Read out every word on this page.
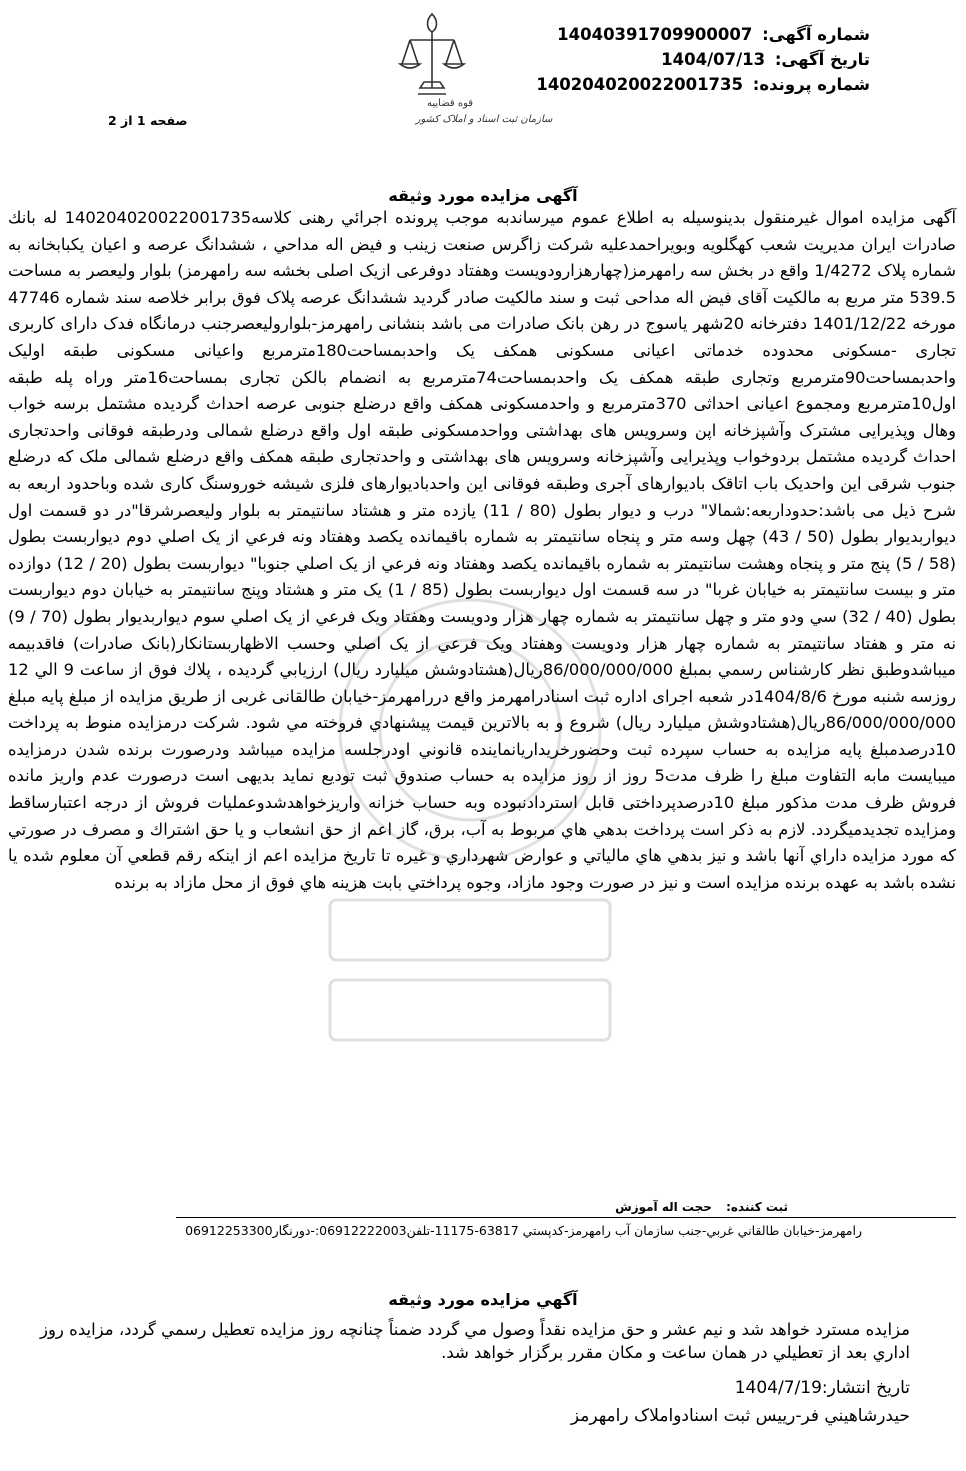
شماره آگهی: 14040391709900007
تاریخ آگهی: 1404/07/13
شماره پرونده: 140204020022001735
قوه قضاییه
سازمان ثبت اسناد و املاک کشور
صفحه 1 از 2
آگهی مزایده مورد وثیقه

آگهی مزایده اموال غیرمنقول بدینوسیله به اطلاع عموم میرساندبه موجب پرونده اجرائي رهنی کلاسه140204020022001735 له بانك صادرات ایران مدیریت شعب کهگلویه وبویراحمدعلیه شرکت زاگرس صنعت زینب و فیض اله مداحي ، ششدانگ عرصه و اعیان یکبابخانه به شماره پلاک 1/4272 واقع در بخش سه رامهرمز(چهارهزارودویست وهفتاد دوفرعی ازیک اصلی بخشه سه رامهرمز) بلوار ولیعصر به مساحت 539.5 متر مربع به مالکیت آقای فیض اله مداحی ثبت و سند مالکیت صادر گردید ششدانگ عرصه پلاک فوق برابر خلاصه سند شماره 47746 مورخه 1401/12/22 دفترخانه 20شهر یاسوج در رهن بانک صادرات می باشد بنشانی رامهرمز-بلواروليعصرجنب درمانگاه فدک دارای کاربری تجاری -مسکونی محدوده خدماتی اعیانی مسکونی همکف یک واحدبمساحت180مترمربع واعیانی مسکونی طبقه اولیک واحدبمساحت90مترمربع وتجاری طبقه همکف یک واحدبمساحت74مترمربع به انضمام بالکن تجاری بمساحت16متر وراه پله طبقه اول10مترمربع ومجموع اعیانی احداثی 370مترمربع و واحدمسکونی همکف واقع درضلع جنوبی عرصه احداث گردیده مشتمل برسه خواب وهال وپذیرایی مشترک وآشپزخانه اپن وسرویس های بهداشتی وواحدمسکونی طبقه اول واقع درضلع شمالی ودرطبقه فوقانی واحدتجاری احداث گردیده مشتمل بردوخواب وپذیرایی وآشپزخانه وسرویس های بهداشتی و واحدتجاری طبقه همکف واقع درضلع شمالی ملک که درضلع جنوب شرقی این واحدیک باب اتاقک بادیوارهای آجری وطبقه فوقانی این واحدبادیوارهای فلزی شیشه خوروسنگ کاری شده وباحدود اربعه به شرح ذیل می باشد:حدوداربعه:شمالا" درب و دیوار بطول (80 / 11) یازده متر و هشتاد سانتیمتر به بلوار ولیعصرشرقا"در دو قسمت اول دیواربدیوار بطول (50 / 43) چهل وسه متر و پنجاه سانتیمتر به شماره باقیمانده یکصد وهفتاد ونه فرعي از يک اصلي دوم دیواربست بطول (58 / 5) پنج متر و پنجاه وهشت سانتیمتر به شماره باقیمانده یکصد وهفتاد ونه فرعي از يک اصلي جنوبا" دیواربست بطول (20 / 12) دوازده متر و بيست سانتيمتر به خیابان غربا" در سه قسمت اول دیواربست بطول (85 / 1) یک متر و هشتاد وپنج سانتیمتر به خیابان دوم دیواربست بطول (40 / 32) سي ودو متر و چهل سانتیمتر به شماره چهار هزار ودویست وهفتاد ویک فرعي از يک اصلي سوم دیواربدیوار بطول (70 / 9) نه متر و هفتاد سانتیمتر به شماره چهار هزار ودويست وهفتاد ويک فرعي از يک اصلي وحسب الاظهاربستانکار(بانک صادرات) فاقدبیمه میباشدوطبق نظر کارشناس رسمي بمبلغ 86/000/000/000ریال(هشتادوشش میلیارد ریال) ارزیابي گرديده ، پلاك فوق از ساعت 9 الي 12 روزسه شنبه مورخ 1404/8/6در شعبه اجرای اداره ثبت اسنادرامهرمز واقع دررامهرمز-خیابان طالقانی غربی از طريق مزايده از مبلغ پايه مبلغ 86/000/000/000ريال(هشتادوشش میلیارد ريال) شروع و به بالاترين قيمت پيشنهادي فروخته مي شود. شركت درمزايده منوط به پرداخت 10درصدمبلغ پايه مزايده به حساب سپرده ثبت وحضورخريداريانماينده قانوني اودرجلسه مزايده ميباشد ودرصورت برنده شدن درمزايده ميبايست مابه التفاوت مبلغ را ظرف مدت5 روز از روز مزايده به حساب صندوق ثبت توديع نمايد بديهی است درصورت عدم واريز مانده فروش ظرف مدت مذكور مبلغ 10درصدپرداختی قابل استردادنبوده وبه حساب خزانه واريزخواهدشدوعمليات فروش از درجه اعتبارساقط ومزايده تجديدميگردد. لازم به ذكر است پرداخت بدهي هاي مربوط به آب، برق، گاز اعم از حق انشعاب و يا حق اشتراك و مصرف در صورتي كه مورد مزايده داراي آنها باشد و نيز بدهي هاي مالياتي و عوارض شهرداري و غيره تا تاريخ مزايده اعم از اينكه رقم قطعي آن معلوم شده يا نشده باشد به عهده برنده مزايده است و نيز در صورت وجود مازاد، وجوه پرداختي بابت هزينه هاي فوق از محل مازاد به برنده

ثبت كننده: حجت اله آموزش
رامهرمز-خيابان طالقاني غربي-جنب سازمان آب رامهرمز-كدپستي 63817-11175-تلفن06912222003:-دورنگار06912253300
آگهي مزايده مورد وثيقه

مزايده مسترد خواهد شد و نيم عشر و حق مزايده نقداً وصول مي گردد ضمناً چنانچه روز مزايده تعطيل رسمي گردد، مزايده روز اداري بعد از تعطيلي در همان ساعت و مكان مقرر برگزار خواهد شد.

تاريخ انتشار:1404/7/19
حيدرشاهيني فر-رييس ثبت اسنادواملاک رامهرمز
